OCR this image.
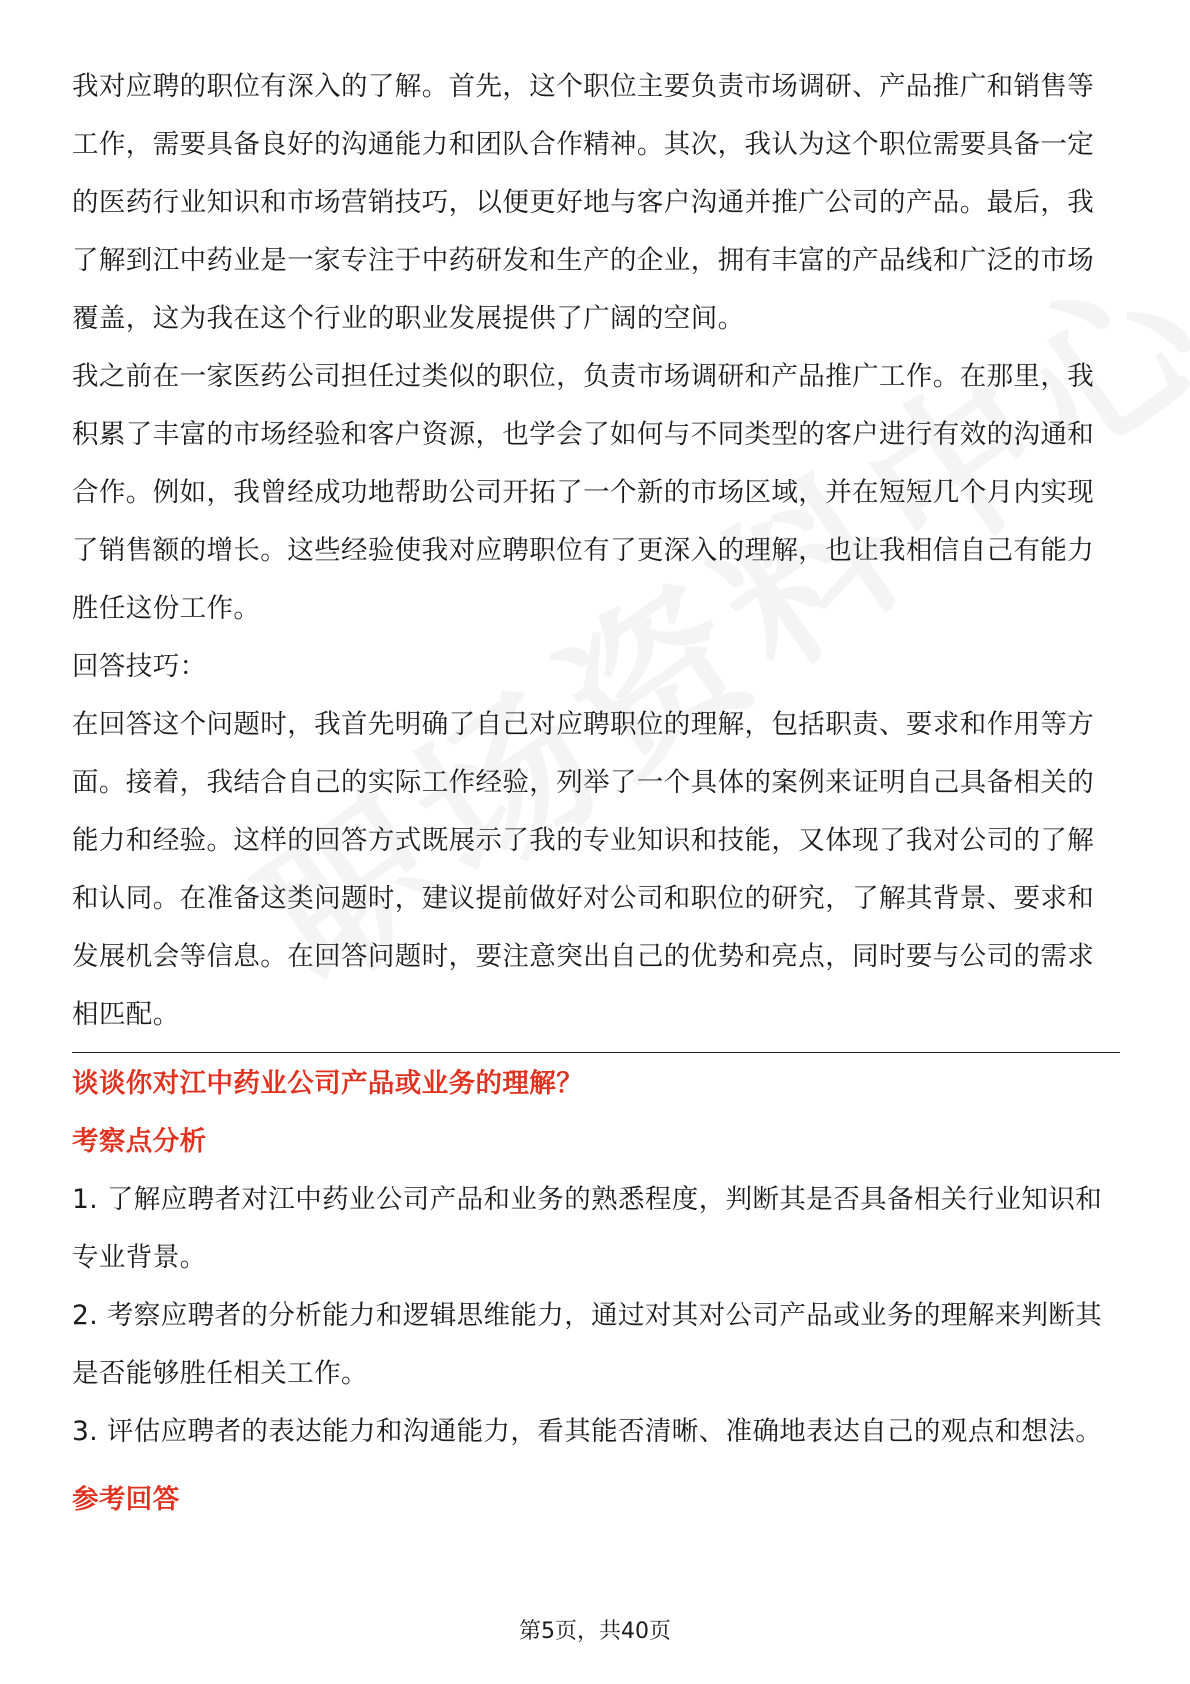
我对应聘的职位有深入的了解。首先，这个职位主要负责市场调研、产品推广和销售等工作，需要具备良好的沟通能力和团队合作精神。其次，我认为这个职位需要具备一定的医药行业知识和市场营销技巧，以便更好地与客户沟通并推广公司的产品。最后，我了解到江中药业是一家专注于中药研发和生产的企业，拥有丰富的产品线和广泛的市场覆盖，这为我在这个行业的职业发展提供了广阔的空间。

我之前在一家医药公司担任过类似的职位，负责市场调研和产品推广工作。在那里，我积累了丰富的市场经验和客户资源，也学会了如何与不同类型的客户进行有效的沟通和合作。例如，我曾经成功地帮助公司开拓了一个新的市场区域，并在短短几个月内实现了销售额的增长。这些经验使我对应聘职位有了更深入的理解，也让我相信自己有能力胜任这份工作。

回答技巧：

在回答这个问题时，我首先明确了自己对应聘职位的理解，包括职责、要求和作用等方面。接着，我结合自己的实际工作经验，列举了一个具体的案例来证明自己具备相关的能力和经验。这样的回答方式既展示了我的专业知识和技能，又体现了我对公司的了解和认同。在准备这类问题时，建议提前做好对公司和职位的研究，了解其背景、要求和发展机会等信息。在回答问题时，要注意突出自己的优势和亮点，同时要与公司的需求相匹配。

谈谈你对江中药业公司产品或业务的理解？

考察点分析

1. 了解应聘者对江中药业公司产品和业务的熟悉程度，判断其是否具备相关行业知识和专业背景。

2. 考察应聘者的分析能力和逻辑思维能力，通过对其对公司产品或业务的理解来判断其是否能够胜任相关工作。

3. 评估应聘者的表达能力和沟通能力，看其能否清晰、准确地表达自己的观点和想法。

参考回答

第5页，共40页
